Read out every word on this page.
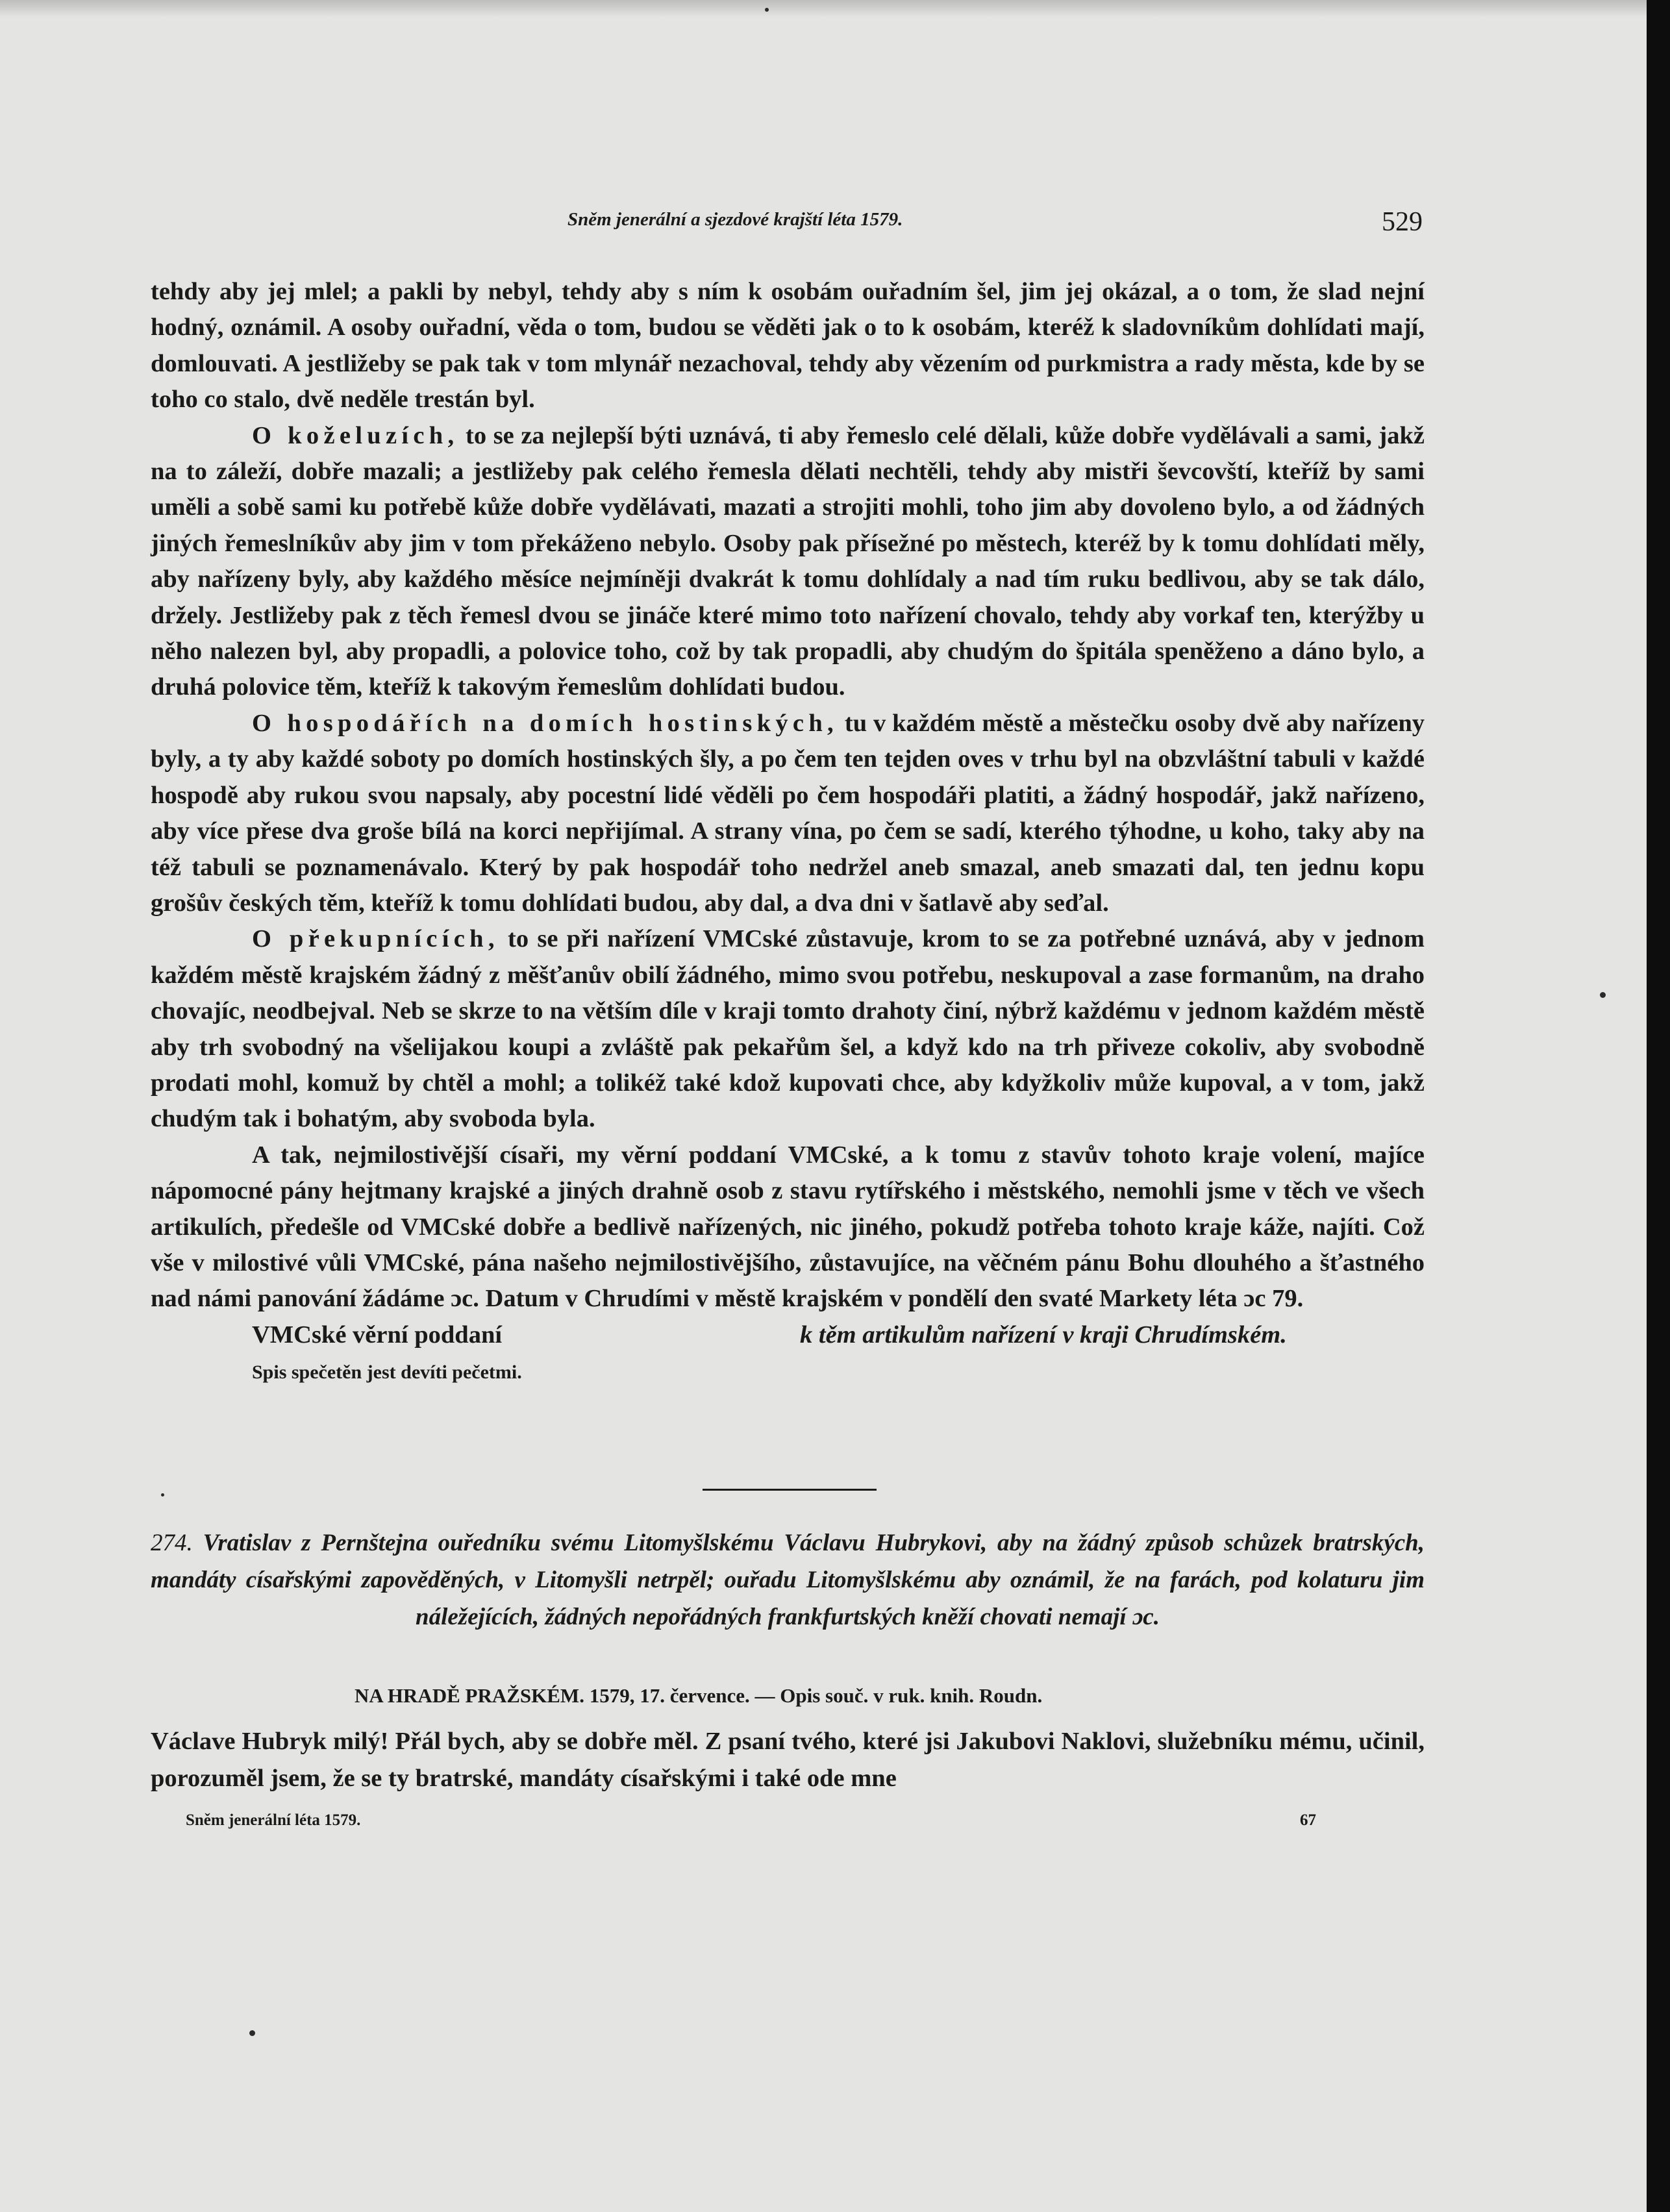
Sněm jenerální a sjezdové krajští léta 1579.	529

tehdy aby jej mlel; a pakli by nebyl, tehdy aby s ním k osobám ouřadním šel, jim jej okázal, a o tom, že slad nejní hodný, oznámil. A osoby ouřadní, věda o tom, budou se věděti jak o to k osobám, kteréž k sladovníkům dohlídati mají, domlouvati. A jestližeby se pak tak v tom mlynář nezachoval, tehdy aby vězením od purkmistra a rady města, kde by se toho co stalo, dvě neděle trestán byl.

O koželuzích, to se za nejlepší býti uznává, ti aby řemeslo celé dělali, kůže dobře vydělávali a sami, jakž na to záleží, dobře mazali; a jestližeby pak celého řemesla dělati nechtěli, tehdy aby mistři ševcovští, kteříž by sami uměli a sobě sami ku potřebě kůže dobře vydělávati, mazati a strojiti mohli, toho jim aby dovoleno bylo, a od žádných jiných řemeslníkův aby jim v tom překáženo nebylo. Osoby pak přísežné po městech, kteréž by k tomu dohlídati měly, aby nařízeny byly, aby každého měsíce nejmíněji dvakrát k tomu dohlídaly a nad tím ruku bedlivou, aby se tak dálo, držely. Jestližeby pak z těch řemesl dvou se jináče které mimo toto nařízení chovalo, tehdy aby vorkaf ten, kterýžby u něho nalezen byl, aby propadli, a polovice toho, což by tak propadli, aby chudým do špitála speněženo a dáno bylo, a druhá polovice těm, kteříž k takovým řemeslům dohlídati budou.

O hospodářích na domích hostinských, tu v každém městě a městečku osoby dvě aby nařízeny byly, a ty aby každé soboty po domích hostinských šly, a po čem ten tejden oves v trhu byl na obzvláštní tabuli v každé hospodě aby rukou svou napsaly, aby pocestní lidé věděli po čem hospodáři platiti, a žádný hospodář, jakž nařízeno, aby více přese dva groše bílá na korci nepřijímal. A strany vína, po čem se sadí, kterého týhodne, u koho, taky aby na též tabuli se poznamenávalo. Který by pak hospodář toho nedržel aneb smazal, aneb smazati dal, ten jednu kopu grošův českých těm, kteříž k tomu dohlídati budou, aby dal, a dva dni v šatlavě aby seďal.

O překupnících, to se při nařízení VMCské zůstavuje, krom to se za potřebné uznává, aby v jednom každém městě krajském žádný z měšťanův obilí žádného, mimo svou potřebu, neskupoval a zase formanům, na draho chovajíc, neodbejval. Neb se skrze to na větším díle v kraji tomto drahoty činí, nýbrž každému v jednom každém městě aby trh svobodný na všelijakou koupi a zvláště pak pekařům šel, a když kdo na trh přiveze cokoliv, aby svobodně prodati mohl, komuž by chtěl a mohl; a tolikéž také kdož kupovati chce, aby kdyžkoliv může kupoval, a v tom, jakž chudým tak i bohatým, aby svoboda byla.

A tak, nejmilostivější císaři, my věrní poddaní VMCské, a k tomu z stavův tohoto kraje volení, majíce nápomocné pány hejtmany krajské a jiných drahně osob z stavu rytířského i městského, nemohli jsme v těch ve všech artikulích, předešle od VMCské dobře a bedlivě nařízených, nic jiného, pokudž potřeba tohoto kraje káže, najíti. Což vše v milostivé vůli VMCské, pána našeho nejmilostivějšího, zůstavujíce, na věčném pánu Bohu dlouhého a šťastného nad námi panování žádáme ɔc. Datum v Chrudími v městě krajském v pondělí den svaté Markety léta ɔc 79.

VMCské věrní poddaní	k těm artikulům nařízení v kraji Chrudímském.
Spis spečetěn jest devíti pečetmi.
274. Vratislav z Pernštejna ouředníku svému Litomyšlskému Václavu Hubrykovi, aby na žádný způsob schůzek bratrských, mandáty císařskými zapověděných, v Litomyšli netrpěl; ouřadu Litomyšlskému aby oznámil, že na farách, pod kolaturu jim náležejících, žádných nepořádných frankfurtských kněží chovati nemají ɔc.
NA HRADĚ PRAŽSKÉM. 1579, 17. července. — Opis souč. v ruk. knih. Roudn.
Václave Hubryk milý! Přál bych, aby se dobře měl. Z psaní tvého, které jsi Jakubovi Naklovi, služebníku mému, učinil, porozuměl jsem, že se ty bratrské, mandáty císařskými i také ode mne
Sněm jenerální léta 1579.	67
